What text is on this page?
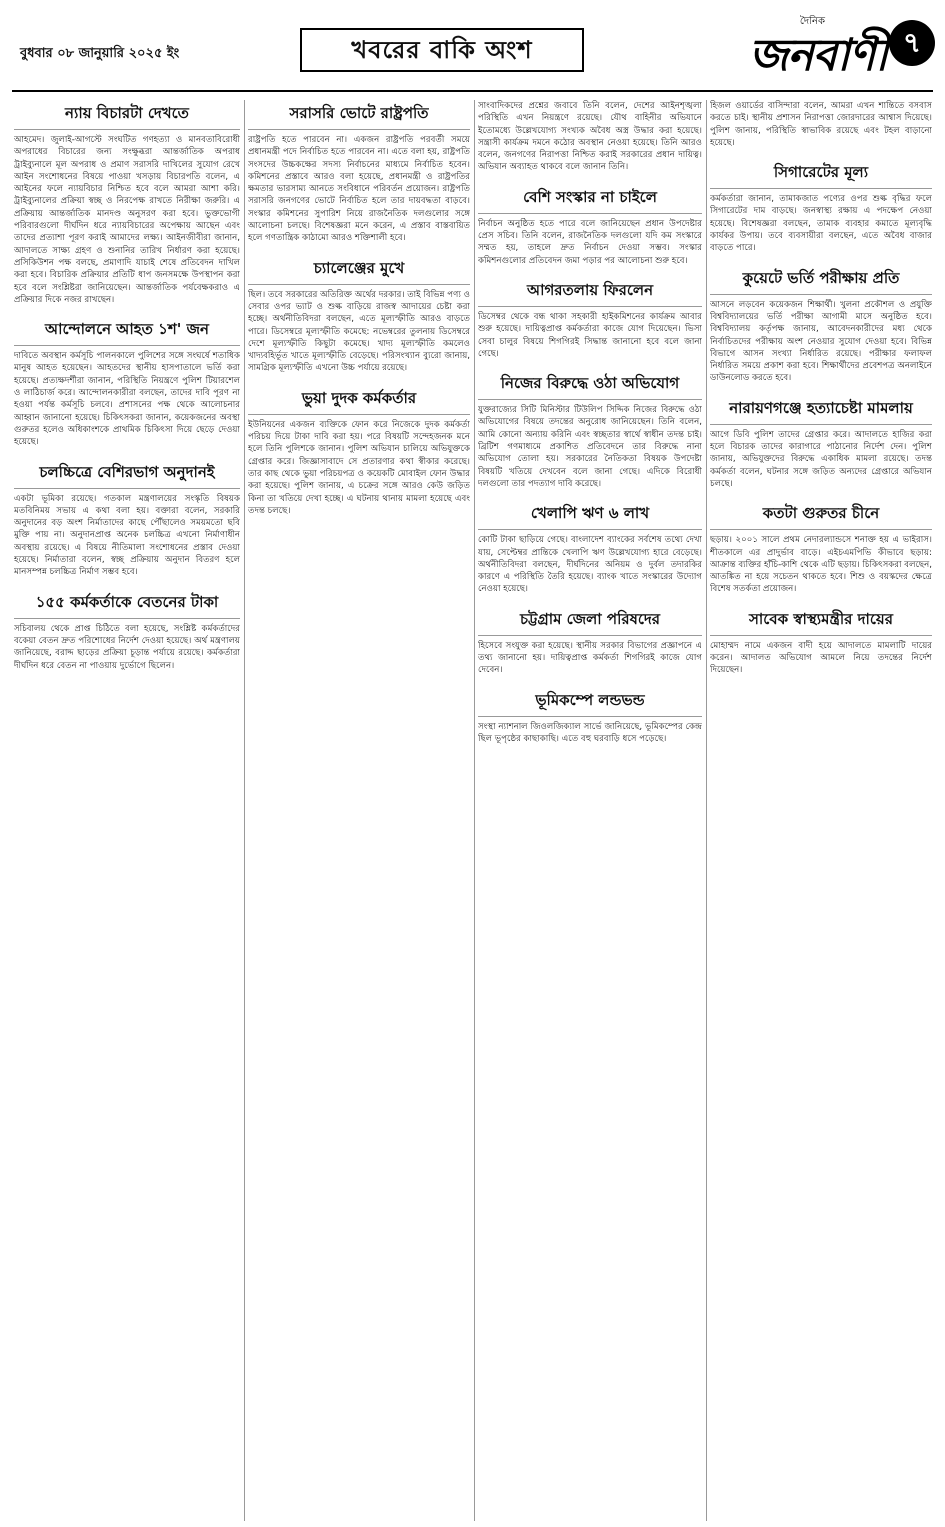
বুধবার ০৮ জানুয়ারি ২০২৫ ইং	খবরের বাকি অংশ
দৈনিক
জনবাণী ৭
ন্যায় বিচারটা দেখতে

আহমেদ। জুলাই-আগস্টে সংঘটিত গণহত্যা ও মানবতাবিরোধী অপরাধের বিচারের জন্য সংক্ষুব্ধরা আন্তর্জাতিক অপরাধ ট্রাইব্যুনালে মূল অপরাধ ও প্রমাণ সরাসরি দাখিলের সুযোগ রেখে আইন সংশোধনের বিষয়ে পাওয়া খসড়ায় বিচারপতি বলেন, এ আইনের ফলে ন্যায়বিচার নিশ্চিত হবে বলে আমরা আশা করি। ট্রাইব্যুনালের প্রক্রিয়া স্বচ্ছ ও নিরপেক্ষ রাখতে নিরীক্ষা জরুরি। এ প্রক্রিয়ায় আন্তর্জাতিক মানদণ্ড অনুসরণ করা হবে। ভুক্তভোগী পরিবারগুলো দীর্ঘদিন ধরে ন্যায়বিচারের অপেক্ষায় আছেন এবং তাদের প্রত্যাশা পূরণ করাই আমাদের লক্ষ্য। আইনজীবীরা জানান, আদালতে সাক্ষ্য গ্রহণ ও শুনানির তারিখ নির্ধারণ করা হয়েছে। প্রসিকিউশন পক্ষ বলছে, প্রমাণাদি যাচাই শেষে প্রতিবেদন দাখিল করা হবে। বিচারিক প্রক্রিয়ার প্রতিটি ধাপ জনসমক্ষে উপস্থাপন করা হবে বলে সংশ্লিষ্টরা জানিয়েছেন। আন্তর্জাতিক পর্যবেক্ষকরাও এ প্রক্রিয়ার দিকে নজর রাখছেন।

আন্দোলনে আহত ১শ' জন

দাবিতে অবস্থান কর্মসূচি পালনকালে পুলিশের সঙ্গে সংঘর্ষে শতাধিক মানুষ আহত হয়েছেন। আহতদের স্থানীয় হাসপাতালে ভর্তি করা হয়েছে। প্রত্যক্ষদর্শীরা জানান, পরিস্থিতি নিয়ন্ত্রণে পুলিশ টিয়ারশেল ও লাঠিচার্জ করে। আন্দোলনকারীরা বলছেন, তাদের দাবি পূরণ না হওয়া পর্যন্ত কর্মসূচি চলবে। প্রশাসনের পক্ষ থেকে আলোচনার আহ্বান জানানো হয়েছে। চিকিৎসকরা জানান, কয়েকজনের অবস্থা গুরুতর হলেও অধিকাংশকে প্রাথমিক চিকিৎসা দিয়ে ছেড়ে দেওয়া হয়েছে।

চলচ্চিত্রে বেশিরভাগ অনুদানই

একটা ভূমিকা রয়েছে। গতকাল মন্ত্রণালয়ের সংস্কৃতি বিষয়ক মতবিনিময় সভায় এ কথা বলা হয়। বক্তারা বলেন, সরকারি অনুদানের বড় অংশ নির্মাতাদের কাছে পৌঁছালেও সময়মতো ছবি মুক্তি পায় না। অনুদানপ্রাপ্ত অনেক চলচ্চিত্র এখনো নির্মাণাধীন অবস্থায় রয়েছে। এ বিষয়ে নীতিমালা সংশোধনের প্রস্তাব দেওয়া হয়েছে। নির্মাতারা বলেন, স্বচ্ছ প্রক্রিয়ায় অনুদান বিতরণ হলে মানসম্পন্ন চলচ্চিত্র নির্মাণ সম্ভব হবে।

১৫৫ কর্মকর্তাকে বেতনের টাকা

সচিবালয় থেকে প্রাপ্ত চিঠিতে বলা হয়েছে, সংশ্লিষ্ট কর্মকর্তাদের বকেয়া বেতন দ্রুত পরিশোধের নির্দেশ দেওয়া হয়েছে। অর্থ মন্ত্রণালয় জানিয়েছে, বরাদ্দ ছাড়ের প্রক্রিয়া চূড়ান্ত পর্যায়ে রয়েছে। কর্মকর্তারা দীর্ঘদিন ধরে বেতন না পাওয়ায় দুর্ভোগে ছিলেন।

সরাসরি ভোটে রাষ্ট্রপতি

রাষ্ট্রপতি হতে পারবেন না। একজন রাষ্ট্রপতি পরবর্তী সময়ে প্রধানমন্ত্রী পদে নির্বাচিত হতে পারবেন না। এতে বলা হয়, রাষ্ট্রপতি সংসদের উচ্চকক্ষের সদস্য নির্বাচনের মাধ্যমে নির্বাচিত হবেন। কমিশনের প্রস্তাবে আরও বলা হয়েছে, প্রধানমন্ত্রী ও রাষ্ট্রপতির ক্ষমতার ভারসাম্য আনতে সংবিধানে পরিবর্তন প্রয়োজন। রাষ্ট্রপতি সরাসরি জনগণের ভোটে নির্বাচিত হলে তার দায়বদ্ধতা বাড়বে। সংস্কার কমিশনের সুপারিশ নিয়ে রাজনৈতিক দলগুলোর সঙ্গে আলোচনা চলছে। বিশেষজ্ঞরা মনে করেন, এ প্রস্তাব বাস্তবায়িত হলে গণতান্ত্রিক কাঠামো আরও শক্তিশালী হবে।

চ্যালেঞ্জের মুখে

ছিল। তবে সরকারের অতিরিক্ত অর্থের দরকার। তাই বিভিন্ন পণ্য ও সেবার ওপর ভ্যাট ও শুল্ক বাড়িয়ে রাজস্ব আদায়ের চেষ্টা করা হচ্ছে। অর্থনীতিবিদরা বলছেন, এতে মূল্যস্ফীতি আরও বাড়তে পারে। ডিসেম্বরে মূল্যস্ফীতি কমেছে: নভেম্বরের তুলনায় ডিসেম্বরে দেশে মূল্যস্ফীতি কিছুটা কমেছে। খাদ্য মূল্যস্ফীতি কমলেও খাদ্যবহির্ভূত খাতে মূল্যস্ফীতি বেড়েছে। পরিসংখ্যান ব্যুরো জানায়, সামগ্রিক মূল্যস্ফীতি এখনো উচ্চ পর্যায়ে রয়েছে।

ভুয়া দুদক কর্মকর্তার

ইউনিয়নের একজন ব্যক্তিকে ফোন করে নিজেকে দুদক কর্মকর্তা পরিচয় দিয়ে টাকা দাবি করা হয়। পরে বিষয়টি সন্দেহজনক মনে হলে তিনি পুলিশকে জানান। পুলিশ অভিযান চালিয়ে অভিযুক্তকে গ্রেপ্তার করে। জিজ্ঞাসাবাদে সে প্রতারণার কথা স্বীকার করেছে। তার কাছ থেকে ভুয়া পরিচয়পত্র ও কয়েকটি মোবাইল ফোন উদ্ধার করা হয়েছে। পুলিশ জানায়, এ চক্রের সঙ্গে আরও কেউ জড়িত কিনা তা খতিয়ে দেখা হচ্ছে। এ ঘটনায় থানায় মামলা হয়েছে এবং তদন্ত চলছে।

সাংবাদিকদের প্রশ্নের জবাবে তিনি বলেন, দেশের আইনশৃঙ্খলা পরিস্থিতি এখন নিয়ন্ত্রণে রয়েছে। যৌথ বাহিনীর অভিযানে ইতোমধ্যে উল্লেখযোগ্য সংখ্যক অবৈধ অস্ত্র উদ্ধার করা হয়েছে। সন্ত্রাসী কার্যক্রম দমনে কঠোর অবস্থান নেওয়া হয়েছে। তিনি আরও বলেন, জনগণের নিরাপত্তা নিশ্চিত করাই সরকারের প্রধান দায়িত্ব। অভিযান অব্যাহত থাকবে বলে জানান তিনি।

বেশি সংস্কার না চাইলে

নির্বাচন অনুষ্ঠিত হতে পারে বলে জানিয়েছেন প্রধান উপদেষ্টার প্রেস সচিব। তিনি বলেন, রাজনৈতিক দলগুলো যদি কম সংস্কারে সম্মত হয়, তাহলে দ্রুত নির্বাচন দেওয়া সম্ভব। সংস্কার কমিশনগুলোর প্রতিবেদন জমা পড়ার পর আলোচনা শুরু হবে।

আগরতলায় ফিরলেন

ডিসেম্বর থেকে বন্ধ থাকা সহকারী হাইকমিশনের কার্যক্রম আবার শুরু হয়েছে। দায়িত্বপ্রাপ্ত কর্মকর্তারা কাজে যোগ দিয়েছেন। ভিসা সেবা চালুর বিষয়ে শিগগিরই সিদ্ধান্ত জানানো হবে বলে জানা গেছে।

নিজের বিরুদ্ধে ওঠা অভিযোগ

যুক্তরাজ্যের সিটি মিনিস্টার টিউলিপ সিদ্দিক নিজের বিরুদ্ধে ওঠা অভিযোগের বিষয়ে তদন্তের অনুরোধ জানিয়েছেন। তিনি বলেন, আমি কোনো অন্যায় করিনি এবং স্বচ্ছতার স্বার্থে স্বাধীন তদন্ত চাই। ব্রিটিশ গণমাধ্যমে প্রকাশিত প্রতিবেদনে তার বিরুদ্ধে নানা অভিযোগ তোলা হয়। সরকারের নৈতিকতা বিষয়ক উপদেষ্টা বিষয়টি খতিয়ে দেখবেন বলে জানা গেছে। এদিকে বিরোধী দলগুলো তার পদত্যাগ দাবি করেছে।

খেলাপি ঋণ ৬ লাখ

কোটি টাকা ছাড়িয়ে গেছে। বাংলাদেশ ব্যাংকের সর্বশেষ তথ্যে দেখা যায়, সেপ্টেম্বর প্রান্তিকে খেলাপি ঋণ উল্লেখযোগ্য হারে বেড়েছে। অর্থনীতিবিদরা বলছেন, দীর্ঘদিনের অনিয়ম ও দুর্বল তদারকির কারণে এ পরিস্থিতি তৈরি হয়েছে। ব্যাংক খাতে সংস্কারের উদ্যোগ নেওয়া হয়েছে।

চট্টগ্রাম জেলা পরিষদের

হিসেবে সংযুক্ত করা হয়েছে। স্থানীয় সরকার বিভাগের প্রজ্ঞাপনে এ তথ্য জানানো হয়। দায়িত্বপ্রাপ্ত কর্মকর্তা শিগগিরই কাজে যোগ দেবেন।

ভূমিকম্পে লন্ডভন্ড

সংস্থা ন্যাশনাল জিওলজিক্যাল সার্ভে জানিয়েছে, ভূমিকম্পের কেন্দ্র ছিল ভূপৃষ্ঠের কাছাকাছি। এতে বহু ঘরবাড়ি ধসে পড়েছে।

হিজল ওয়ার্ডের বাসিন্দারা বলেন, আমরা এখন শান্তিতে বসবাস করতে চাই। স্থানীয় প্রশাসন নিরাপত্তা জোরদারের আশ্বাস দিয়েছে। পুলিশ জানায়, পরিস্থিতি স্বাভাবিক রয়েছে এবং টহল বাড়ানো হয়েছে।

সিগারেটের মূল্য

কর্মকর্তারা জানান, তামাকজাত পণ্যের ওপর শুল্ক বৃদ্ধির ফলে সিগারেটের দাম বাড়ছে। জনস্বাস্থ্য রক্ষায় এ পদক্ষেপ নেওয়া হয়েছে। বিশেষজ্ঞরা বলছেন, তামাক ব্যবহার কমাতে মূল্যবৃদ্ধি কার্যকর উপায়। তবে ব্যবসায়ীরা বলছেন, এতে অবৈধ বাজার বাড়তে পারে।

কুয়েটে ভর্তি পরীক্ষায় প্রতি

আসনে লড়বেন কয়েকজন শিক্ষার্থী। খুলনা প্রকৌশল ও প্রযুক্তি বিশ্ববিদ্যালয়ের ভর্তি পরীক্ষা আগামী মাসে অনুষ্ঠিত হবে। বিশ্ববিদ্যালয় কর্তৃপক্ষ জানায়, আবেদনকারীদের মধ্য থেকে নির্বাচিতদের পরীক্ষায় অংশ নেওয়ার সুযোগ দেওয়া হবে। বিভিন্ন বিভাগে আসন সংখ্যা নির্ধারিত রয়েছে। পরীক্ষার ফলাফল নির্ধারিত সময়ে প্রকাশ করা হবে। শিক্ষার্থীদের প্রবেশপত্র অনলাইনে ডাউনলোড করতে হবে।

নারায়ণগঞ্জে হত্যাচেষ্টা মামলায়

আগে ডিবি পুলিশ তাদের গ্রেপ্তার করে। আদালতে হাজির করা হলে বিচারক তাদের কারাগারে পাঠানোর নির্দেশ দেন। পুলিশ জানায়, অভিযুক্তদের বিরুদ্ধে একাধিক মামলা রয়েছে। তদন্ত কর্মকর্তা বলেন, ঘটনার সঙ্গে জড়িত অন্যদের গ্রেপ্তারে অভিযান চলছে।

কতটা গুরুতর চীনে

ছড়ায়। ২০০১ সালে প্রথম নেদারল্যান্ডসে শনাক্ত হয় এ ভাইরাস। শীতকালে এর প্রাদুর্ভাব বাড়ে। এইচএমপিভি কীভাবে ছড়ায়: আক্রান্ত ব্যক্তির হাঁচি-কাশি থেকে এটি ছড়ায়। চিকিৎসকরা বলছেন, আতঙ্কিত না হয়ে সচেতন থাকতে হবে। শিশু ও বয়স্কদের ক্ষেত্রে বিশেষ সতর্কতা প্রয়োজন।

সাবেক স্বাস্থ্যমন্ত্রীর দায়ের

মোহাম্মদ নামে একজন বাদী হয়ে আদালতে মামলাটি দায়ের করেন। আদালত অভিযোগ আমলে নিয়ে তদন্তের নির্দেশ দিয়েছেন।
